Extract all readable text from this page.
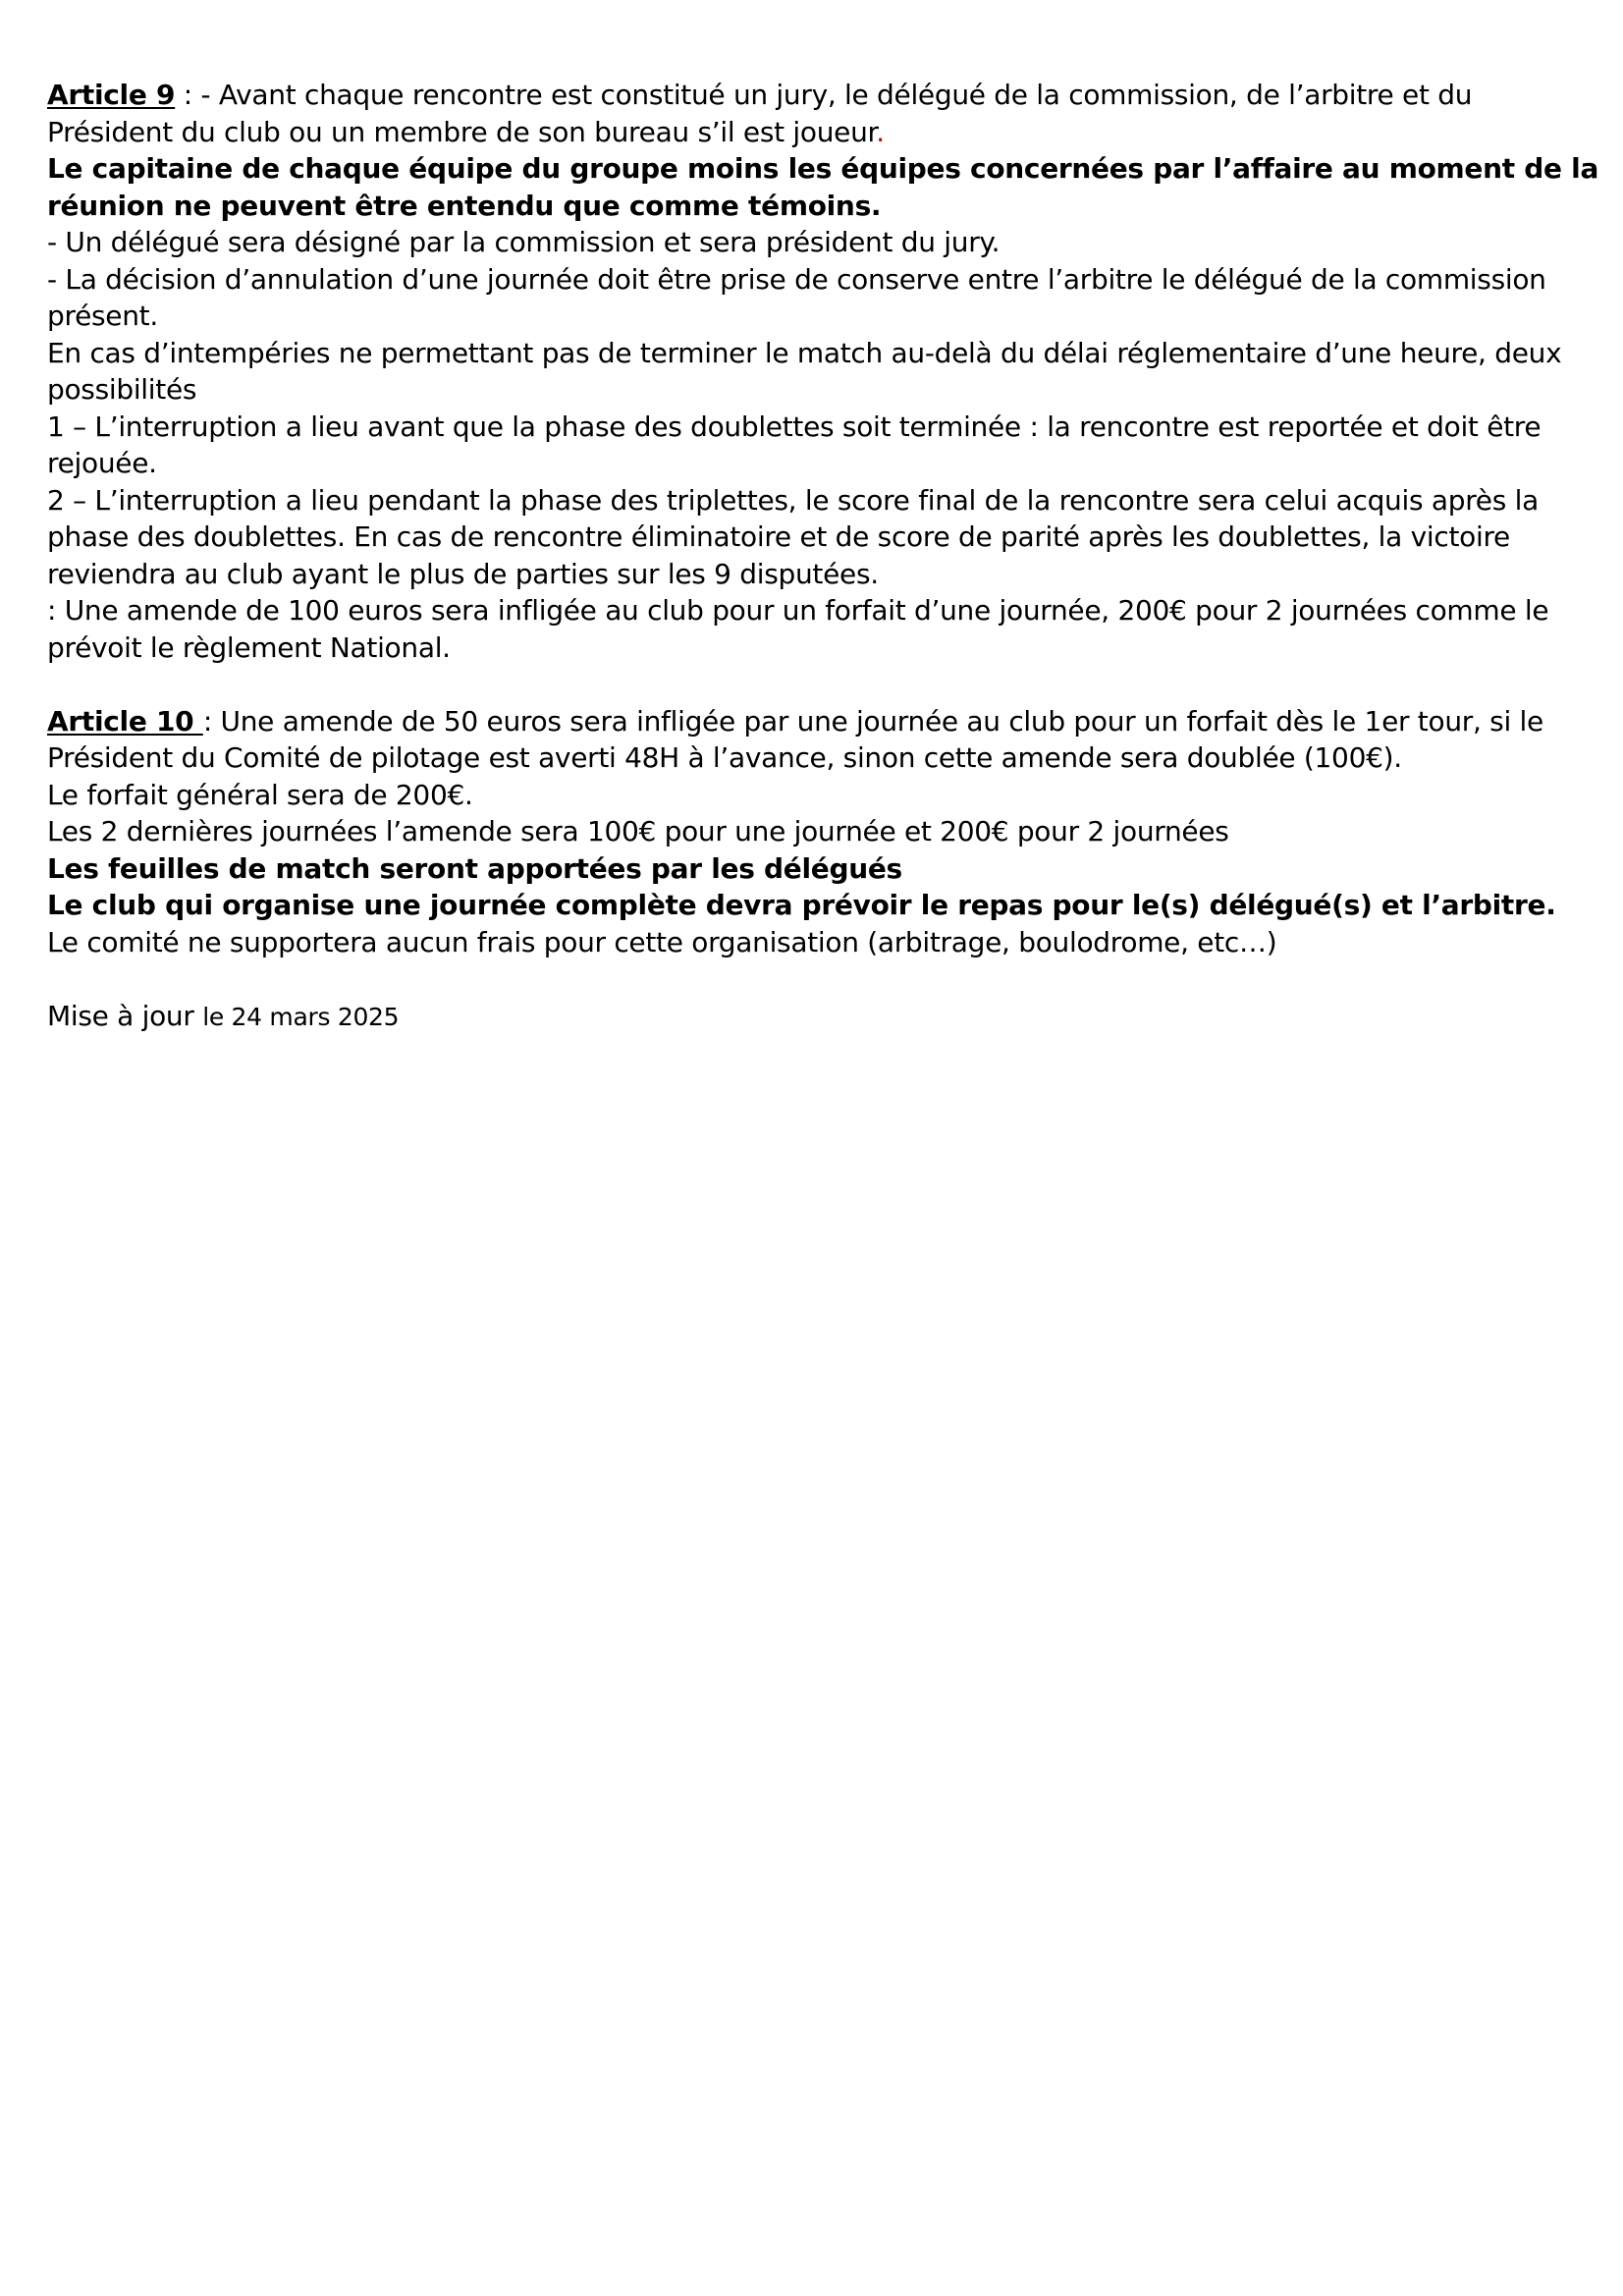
Article 9 : - Avant chaque rencontre est constitué un jury, le délégué de la commission, de l’arbitre et du
Président du club ou un membre de son bureau s’il est joueur.
Le capitaine de chaque équipe du groupe moins les équipes concernées par l’affaire au moment de la
réunion ne peuvent être entendu que comme témoins.
- Un délégué sera désigné par la commission et sera président du jury.
- La décision d’annulation d’une journée doit être prise de conserve entre l’arbitre le délégué de la commission
présent.
En cas d’intempéries ne permettant pas de terminer le match au-delà du délai réglementaire d’une heure, deux
possibilités
1 – L’interruption a lieu avant que la phase des doublettes soit terminée : la rencontre est reportée et doit être
rejouée.
2 – L’interruption a lieu pendant la phase des triplettes, le score final de la rencontre sera celui acquis après la
phase des doublettes. En cas de rencontre éliminatoire et de score de parité après les doublettes, la victoire
reviendra au club ayant le plus de parties sur les 9 disputées.
: Une amende de 100 euros sera infligée au club pour un forfait d’une journée, 200€ pour 2 journées comme le
prévoit le règlement National.
Article 10 : Une amende de 50 euros sera infligée par une journée au club pour un forfait dès le 1er tour, si le
Président du Comité de pilotage est averti 48H à l’avance, sinon cette amende sera doublée (100€).
Le forfait général sera de 200€.
Les 2 dernières journées l’amende sera 100€ pour une journée et 200€ pour 2 journées
Les feuilles de match seront apportées par les délégués
Le club qui organise une journée complète devra prévoir le repas pour le(s) délégué(s) et l’arbitre.
Le comité ne supportera aucun frais pour cette organisation (arbitrage, boulodrome, etc…)
Mise à jour le 24 mars 2025
